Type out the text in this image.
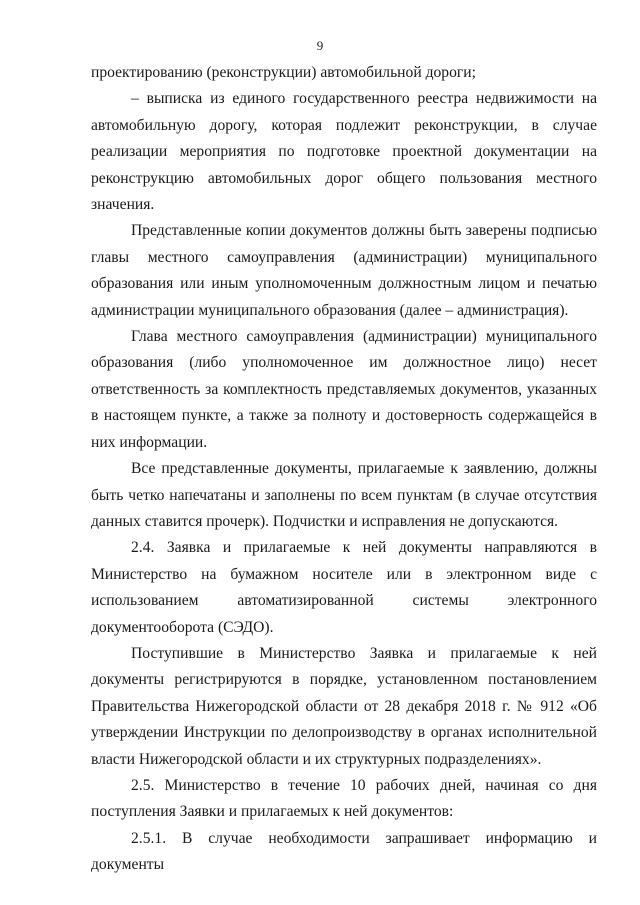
9

проектированию (реконструкции) автомобильной дороги;

– выписка из единого государственного реестра недвижимости на автомобильную дорогу, которая подлежит реконструкции, в случае реализации мероприятия по подготовке проектной документации на реконструкцию автомобильных дорог общего пользования местного значения.

Представленные копии документов должны быть заверены подписью главы местного самоуправления (администрации) муниципального образования или иным уполномоченным должностным лицом и печатью администрации муниципального образования (далее – администрация).

Глава местного самоуправления (администрации) муниципального образования (либо уполномоченное им должностное лицо) несет ответственность за комплектность представляемых документов, указанных в настоящем пункте, а также за полноту и достоверность содержащейся в них информации.

Все представленные документы, прилагаемые к заявлению, должны быть четко напечатаны и заполнены по всем пунктам (в случае отсутствия данных ставится прочерк). Подчистки и исправления не допускаются.

2.4. Заявка и прилагаемые к ней документы направляются в Министерство на бумажном носителе или в электронном виде с использованием автоматизированной системы электронного документооборота (СЭДО).

Поступившие в Министерство Заявка и прилагаемые к ней документы регистрируются в порядке, установленном постановлением Правительства Нижегородской области от 28 декабря 2018 г. № 912 «Об утверждении Инструкции по делопроизводству в органах исполнительной власти Нижегородской области и их структурных подразделениях».

2.5. Министерство в течение 10 рабочих дней, начиная со дня поступления Заявки и прилагаемых к ней документов:

2.5.1. В случае необходимости запрашивает информацию и документы
